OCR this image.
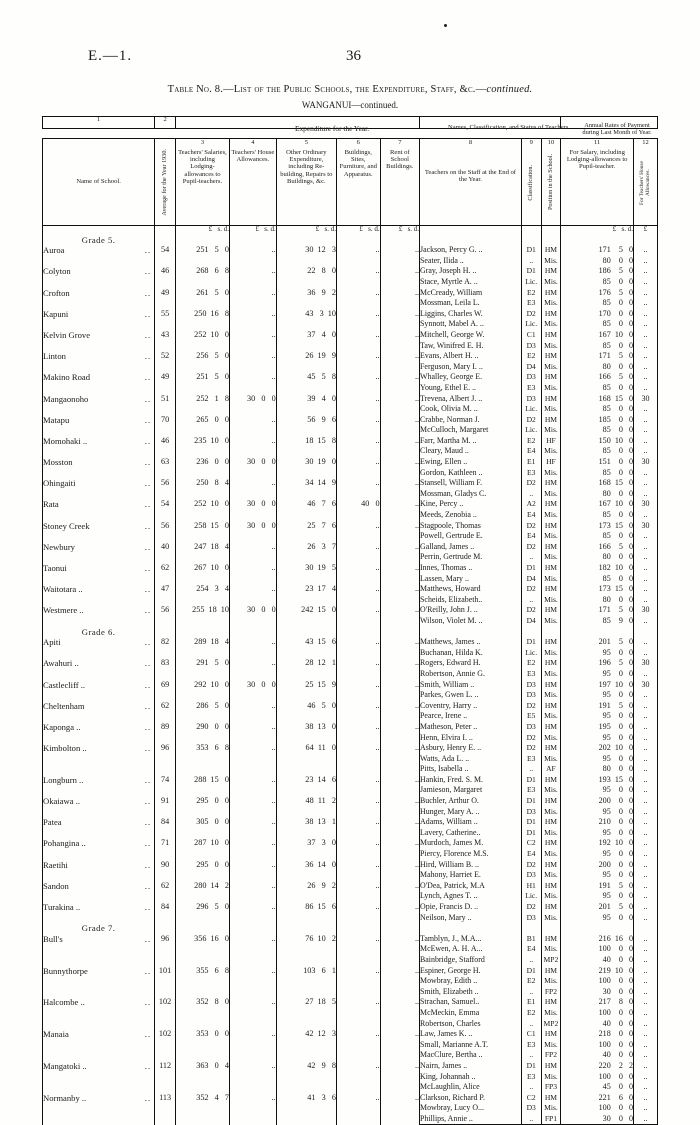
E.—1.	36
Table No. 8.—List of the Public Schools, the Expenditure, Staff, &c.—continued.
WANGANUI—continued.
1	2	

Expenditure for the Year.	Names, Classification, and Status of Teachers.	Annual Rates of Payment during Last Month of Year.
Name of School.	Average for the Year 1930.

3
Teachers' Salaries, including Lodging-allowances to Pupil-teachers.

4
Teachers' House Allowances.

5
Other Ordinary Expenditure, including Re-building, Repairs to Buildings, &c.

6
Buildings, Sites, Furniture, and Apparatus.

7
Rent of School Buildings.

8
Teachers on the Staff at the End of the Year.

9
Classification.

10
Position in the School.

11
For Salary, including Lodging-allowances to Pupil-teacher.

12
For Teachers' House Allowances.
		£   s. d.	£   s. d.	£   s. d.	£   s. d.	£   s. d.				£   s. d.	£
Grade 5.											
Auroa ..	54	251   5   0	..	30  12   3	..	..	Jackson, Percy G. ..	D1	HM	171    5   0	..
							Seater, Ilida ..	..	Mis.	80    0   0	..
Colyton ..	46	268   6   8	..	22   8   0	..	..	Gray, Joseph H. ..	D1	HM	186    5   0	..
							Stace, Myrtle A. ..	Lic.	Mis.	85    0   0	..
Crofton ..	49	261   5   0	..	36   9   2	..	..	McCready, William	E2	HM	176    5   0	..
							Mossman, Leila L.	E3	Mis.	85    0   0	..
Kapuni ..	55	250  16   8	..	43   3  10	..	..	Liggins, Charles W.	D2	HM	170    0   0	..
							Synnott, Mabel A. ..	Lic.	Mis.	85    0   0	..
Kelvin Grove ..	43	252  10   0	..	37   4   0	..	..	Mitchell, George W.	C1	HM	167  10   0	..
							Taw, Winifred E. H.	D3	Mis.	85    0   0	..
Linton ..	52	256   5   0	..	26  19   9	..	..	Evans, Albert H. ..	E2	HM	171    5   0	..
							Ferguson, Mary I. ..	D4	Mis.	80    0   0	..
Makino Road ..	49	251   5   0	..	45   5   8	..	..	Whalley, George E.	D3	HM	166    5   0	..
							Young, Ethel E. ..	E3	Mis.	85    0   0	..
Mangaonoho ..	51	252   1   8	30   0   0	39   4   0	..	..	Trevena, Albert J. ..	D3	HM	168  15   0	30
							Cook, Olivia M. ..	Lic.	Mis.	85    0   0	..
Matapu ..	70	265   0   0	..	56   9   6	..	..	Crabbe, Norman J.	D2	HM	185    0   0	..
							McCulloch, Margaret	Lic.	Mis.	85    0   0	..
Momohaki .. ..	46	235  10   0	..	18  15   8	..	..	Farr, Martha M. ..	E2	HF	150  10   0	..
							Cleary, Maud ..	E4	Mis.	85    0   0	..
Mosston ..	63	236   0   0	30   0   0	30  19   0	..	..	Ewing, Ellen ..	E1	HF	151    0   0	30
							Gordon, Kathleen ..	E3	Mis.	85    0   0	..
Ohingaiti ..	56	250   8   4	..	34  14   9	..	..	Stansell, William F.	D2	HM	168  15   0	..
							Mossman, Gladys C.	..	Mis.	80    0   0	..
Rata ..	54	252  10   0	30   0   0	46   7   6	40   0	..	Kine, Percy ..	A2	HM	167  10   0	30
							Meeds, Zenobia ..	E4	Mis.	85    0   0	..
Stoney Creek ..	56	258  15   0	30   0   0	25   7   6	..	..	Stagpoole, Thomas	D2	HM	173  15   0	30
							Powell, Gertrude E.	E4	Mis.	85    0   0	..
Newbury ..	40	247  18   4	..	26   3   7	..	..	Galland, James ..	D2	HM	166    5   0	..
							Perrin, Gertrude M.	..	Mis.	80    0   0	..
Taonui ..	62	267  10   0	..	30  19   5	..	..	Innes, Thomas ..	D1	HM	182  10   0	..
							Lassen, Mary ..	D4	Mis.	85    0   0	..
Waitotara .. ..	47	254   3   4	..	23  17   4	..	..	Matthews, Howard	D2	HM	173  15   0	..
							Scheids, Elizabeth..	..	Mis.	80    0   0	..
Westmere .. ..	56	255  18  10	30   0   0	242  15   0	..	..	O'Reilly, John J. ..	D2	HM	171    5   0	30
							Wilson, Violet M. ..	D4	Mis.	85    9   0	..
Grade 6.											
Apiti ..	82	289  18   4	..	43  15   6	..	..	Matthews, James ..	D1	HM	201    5   0	..
							Buchanan, Hilda K.	Lic.	Mis.	95    0   0	..
Awahuri .. ..	83	291   5   0	..	28  12   1	..	..	Rogers, Edward H.	E2	HM	196    5   0	30
							Robertson, Annie G.	E3	Mis.	95    0   0	..
Castlecliff .. ..	69	292  10   0	30   0   0	25  15   9	..	..	Smith, William ..	D3	HM	197  10   0	30
							Parkes, Gwen L. ..	D3	Mis.	95    0   0	..
Cheltenham ..	62	286   5   0	..	46   5   0	..	..	Coventry, Harry ..	D2	HM	191    5   0	..
							Pearce, Irene ..	E5	Mis.	95    0   0	..
Kaponga .. ..	89	290   0   0	..	38  13   0	..	..	Matheson, Peter ..	D3	HM	195    0   0	..
							Henn, Elvira I. ..	D2	Mis.	95    0   0	..
Kimbolton .. ..	96	353   6   8	..	64  11   0	..	..	Asbury, Henry E. ..	D2	HM	202  10   0	..
							Watts, Ada L. ..	E3	Mis.	95    0   0	..
							Pitts, Isabella ..	..	AF	80    0   0	..
Longburn .. ..	74	288  15   0	..	23  14   6	..	..	Hankin, Fred. S. M.	D1	HM	193  15   0	..
							Jamieson, Margaret	E3	Mis.	95    0   0	..
Okaiawa .. ..	91	295   0   0	..	48  11   2	..	..	Buchler, Arthur O.	D1	HM	200    0   0	..
							Hunger, Mary A. ..	D3	Mis.	95    0   0	..
Patea ..	84	305   0   0	..	38  13   1	..	..	Adams, William ..	D1	HM	210    0   0	..
							Lavery, Catherine..	D1	Mis.	95    0   0	..
Pohangina .. ..	71	287  10   0	..	37   3   0	..	..	Murdoch, James M.	C2	HM	192  10   0	..
							Piercy, Florence M.S.	E4	Mis.	95    0   0	..
Raetihi ..	90	295   0   0	..	36  14   0	..	..	Hird, William B. ..	D2	HM	200    0   0	..
							Mahony, Harriet E.	D3	Mis.	95    0   0	..
Sandon ..	62	280  14   2	..	26   9   2	..	..	O'Dea, Patrick, M.A	H1	HM	191    5   0	..
							Lynch, Agnes T. ..	Lic.	Mis.	95    0   0	..
Turakina .. ..	84	296   5   0	..	86  15   6	..	..	Opie, Francis D. ..	D2	HM	201    5   0	..
							Neilson, Mary ..	D3	Mis.	95    0   0	..
Grade 7.											
Bull's ..	96	356  16   0	..	76  10   2	..	..	Tamblyn, J., M.A...	B1	HM	216  16   0	..
							McEwen, A. H. A...	E4	Mis.	100    0   0	..
							Bainbridge, Stafford	..	MP2	40    0   0	..
Bunnythorpe ..	101	355   6   8	..	103   6   1	..	..	Espiner, George H.	D1	HM	219  10   0	..
							Mowbray, Edith ..	E2	Mis.	100    0   0	..
							Smith, Elizabeth ..	..	FP2	30    0   0	..
Halcombe .. ..	102	352   8   0	..	27  18   5	..	..	Strachan, Samuel..	E1	HM	217    8   0	..
							McMeckin, Emma	E2	Mis.	100    0   0	..
							Robertson, Charles	..	MP2	40    0   0	..
Manaia ..	102	353   0   0	..	42  12   3	..	..	Law, James K. ..	C1	HM	218    0   0	..
							Small, Marianne A.T.	E3	Mis.	100    0   0	..
							MacClure, Bertha ..	..	FP2	40    0   0	..
Mangatoki .. ..	112	363   0   4	..	42   9   8	..	..	Nairn, James ..	D1	HM	220    2   2	..
							King, Johannah ..	E3	Mis.	100    0   0	..
							McLaughlin, Alice	..	FP3	45    0   0	..
Normanby .. ..	113	352   4   7	..	41   3   6	..	..	Clarkson, Richard P.	C2	HM	221    6   0	..
							Mowbray, Lucy O...	D3	Mis.	100    0   0	..
							Phillips, Annie ..	..	FP1	30    0   0	..
